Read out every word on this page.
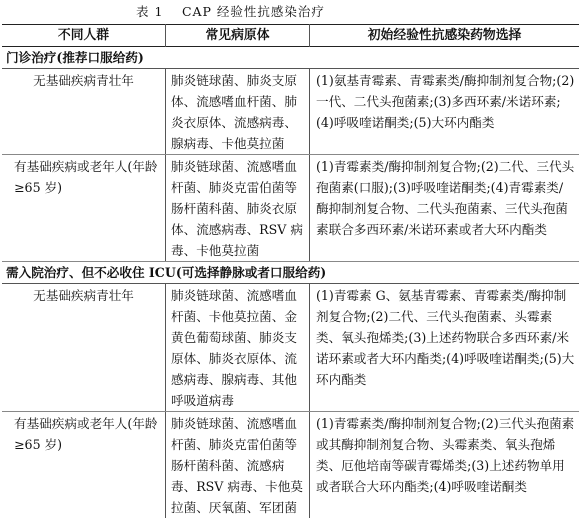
表 1　 CAP 经验性抗感染治疗
不同人群	常见病原体	初始经验性抗感染药物选择
门诊治疗(推荐口服给药)		
无基础疾病青壮年	肺炎链球菌、肺炎支原体、流感嗜血杆菌、肺炎衣原体、流感病毒、腺病毒、卡他莫拉菌	(1)氨基青霉素、青霉素类/酶抑制剂复合物;(2)一代、二代头孢菌素;(3)多西环素/米诺环素;(4)呼吸喹诺酮类;(5)大环内酯类
有基础疾病或老年人(年龄≥65 岁)	肺炎链球菌、流感嗜血杆菌、肺炎克雷伯菌等肠杆菌科菌、肺炎衣原体、流感病毒、RSV 病毒、卡他莫拉菌	(1)青霉素类/酶抑制剂复合物;(2)二代、三代头孢菌素(口服);(3)呼吸喹诺酮类;(4)青霉素类/酶抑制剂复合物、二代头孢菌素、三代头孢菌素联合多西环素/米诺环素或者大环内酯类
需入院治疗、但不必收住 ICU(可选择静脉或者口服给药)		
无基础疾病青壮年	肺炎链球菌、流感嗜血杆菌、卡他莫拉菌、金黄色葡萄球菌、肺炎支原体、肺炎衣原体、流感病毒、腺病毒、其他呼吸道病毒	(1)青霉素 G、氨基青霉素、青霉素类/酶抑制剂复合物;(2)二代、三代头孢菌素、头霉素类、氧头孢烯类;(3)上述药物联合多西环素/米诺环素或者大环内酯类;(4)呼吸喹诺酮类;(5)大环内酯类
有基础疾病或老年人(年龄≥65 岁)	肺炎链球菌、流感嗜血杆菌、肺炎克雷伯菌等肠杆菌科菌、流感病毒、RSV 病毒、卡他莫拉菌、厌氧菌、军团菌	(1)青霉素类/酶抑制剂复合物;(2)三代头孢菌素或其酶抑制剂复合物、头霉素类、氧头孢烯类、厄他培南等碳青霉烯类;(3)上述药物单用或者联合大环内酯类;(4)呼吸喹诺酮类
